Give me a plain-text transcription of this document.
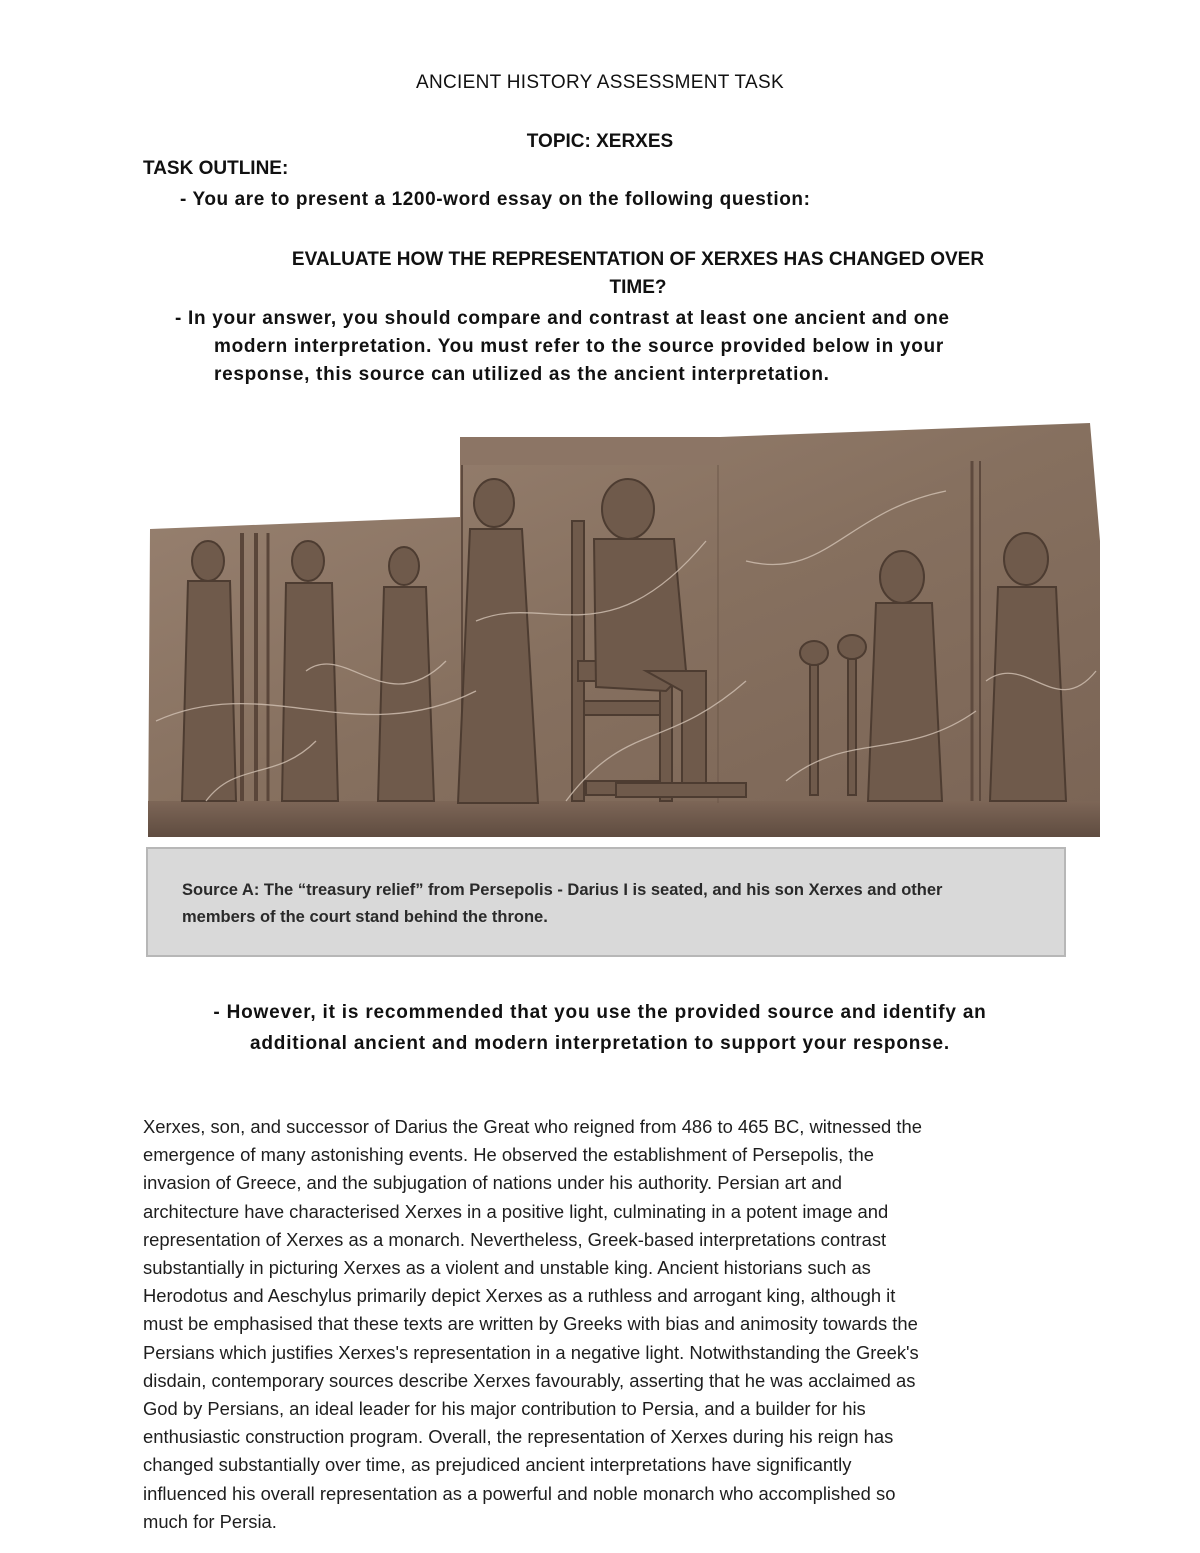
ANCIENT HISTORY ASSESSMENT TASK
TOPIC: XERXES
TASK OUTLINE:
- You are to present a 1200-word essay on the following question:
EVALUATE HOW THE REPRESENTATION OF XERXES HAS CHANGED OVER
TIME?
- In your answer, you should compare and contrast at least one ancient and one
modern interpretation. You must refer to the source provided below in your
response, this source can utilized as the ancient interpretation.
Source A: The “treasury relief” from Persepolis - Darius I is seated, and his son Xerxes and other
members of the court stand behind the throne.
- However, it is recommended that you use the provided source and identify an
additional ancient and modern interpretation to support your response.
Xerxes, son, and successor of Darius the Great who reigned from 486 to 465 BC, witnessed the
emergence of many astonishing events. He observed the establishment of Persepolis, the
invasion of Greece, and the subjugation of nations under his authority. Persian art and
architecture have characterised Xerxes in a positive light, culminating in a potent image and
representation of Xerxes as a monarch. Nevertheless, Greek-based interpretations contrast
substantially in picturing Xerxes as a violent and unstable king. Ancient historians such as
Herodotus and Aeschylus primarily depict Xerxes as a ruthless and arrogant king, although it
must be emphasised that these texts are written by Greeks with bias and animosity towards the
Persians which justifies Xerxes's representation in a negative light. Notwithstanding the Greek's
disdain, contemporary sources describe Xerxes favourably, asserting that he was acclaimed as
God by Persians, an ideal leader for his major contribution to Persia, and a builder for his
enthusiastic construction program. Overall, the representation of Xerxes during his reign has
changed substantially over time, as prejudiced ancient interpretations have significantly
influenced his overall representation as a powerful and noble monarch who accomplished so
much for Persia.
